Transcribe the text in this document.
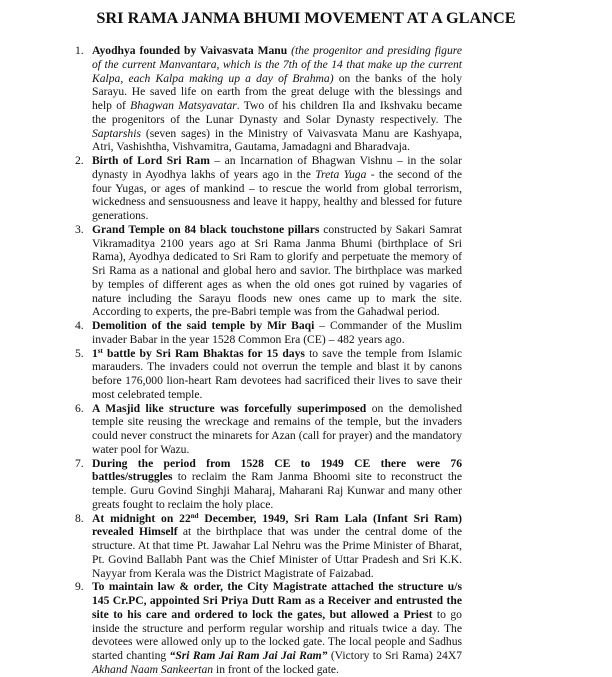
SRI RAMA JANMA BHUMI MOVEMENT AT A GLANCE
1. Ayodhya founded by Vaivasvata Manu (the progenitor and presiding figure of the current Manvantara, which is the 7th of the 14 that make up the current Kalpa, each Kalpa making up a day of Brahma) on the banks of the holy Sarayu. He saved life on earth from the great deluge with the blessings and help of Bhagwan Matsyavatar. Two of his children Ila and Ikshvaku became the progenitors of the Lunar Dynasty and Solar Dynasty respectively. The Saptarshis (seven sages) in the Ministry of Vaivasvata Manu are Kashyapa, Atri, Vashishtha, Vishvamitra, Gautama, Jamadagni and Bharadvaja.
2. Birth of Lord Sri Ram – an Incarnation of Bhagwan Vishnu – in the solar dynasty in Ayodhya lakhs of years ago in the Treta Yuga - the second of the four Yugas, or ages of mankind – to rescue the world from global terrorism, wickedness and sensuousness and leave it happy, healthy and blessed for future generations.
3. Grand Temple on 84 black touchstone pillars constructed by Sakari Samrat Vikramaditya 2100 years ago at Sri Rama Janma Bhumi (birthplace of Sri Rama), Ayodhya dedicated to Sri Ram to glorify and perpetuate the memory of Sri Rama as a national and global hero and savior. The birthplace was marked by temples of different ages as when the old ones got ruined by vagaries of nature including the Sarayu floods new ones came up to mark the site. According to experts, the pre-Babri temple was from the Gahadwal period.
4. Demolition of the said temple by Mir Baqi – Commander of the Muslim invader Babar in the year 1528 Common Era (CE) – 482 years ago.
5. 1st battle by Sri Ram Bhaktas for 15 days to save the temple from Islamic marauders. The invaders could not overrun the temple and blast it by canons before 176,000 lion-heart Ram devotees had sacrificed their lives to save their most celebrated temple.
6. A Masjid like structure was forcefully superimposed on the demolished temple site reusing the wreckage and remains of the temple, but the invaders could never construct the minarets for Azan (call for prayer) and the mandatory water pool for Wazu.
7. During the period from 1528 CE to 1949 CE there were 76 battles/struggles to reclaim the Ram Janma Bhoomi site to reconstruct the temple. Guru Govind Singhji Maharaj, Maharani Raj Kunwar and many other greats fought to reclaim the holy place.
8. At midnight on 22nd December, 1949, Sri Ram Lala (Infant Sri Ram) revealed Himself at the birthplace that was under the central dome of the structure. At that time Pt. Jawahar Lal Nehru was the Prime Minister of Bharat, Pt. Govind Ballabh Pant was the Chief Minister of Uttar Pradesh and Sri K.K. Nayyar from Kerala was the District Magistrate of Faizabad.
9. To maintain law & order, the City Magistrate attached the structure u/s 145 Cr.PC, appointed Sri Priya Dutt Ram as a Receiver and entrusted the site to his care and ordered to lock the gates, but allowed a Priest to go inside the structure and perform regular worship and rituals twice a day. The devotees were allowed only up to the locked gate. The local people and Sadhus started chanting “Sri Ram Jai Ram Jai Jai Ram” (Victory to Sri Rama) 24X7 Akhand Naam Sankeertan in front of the locked gate.
